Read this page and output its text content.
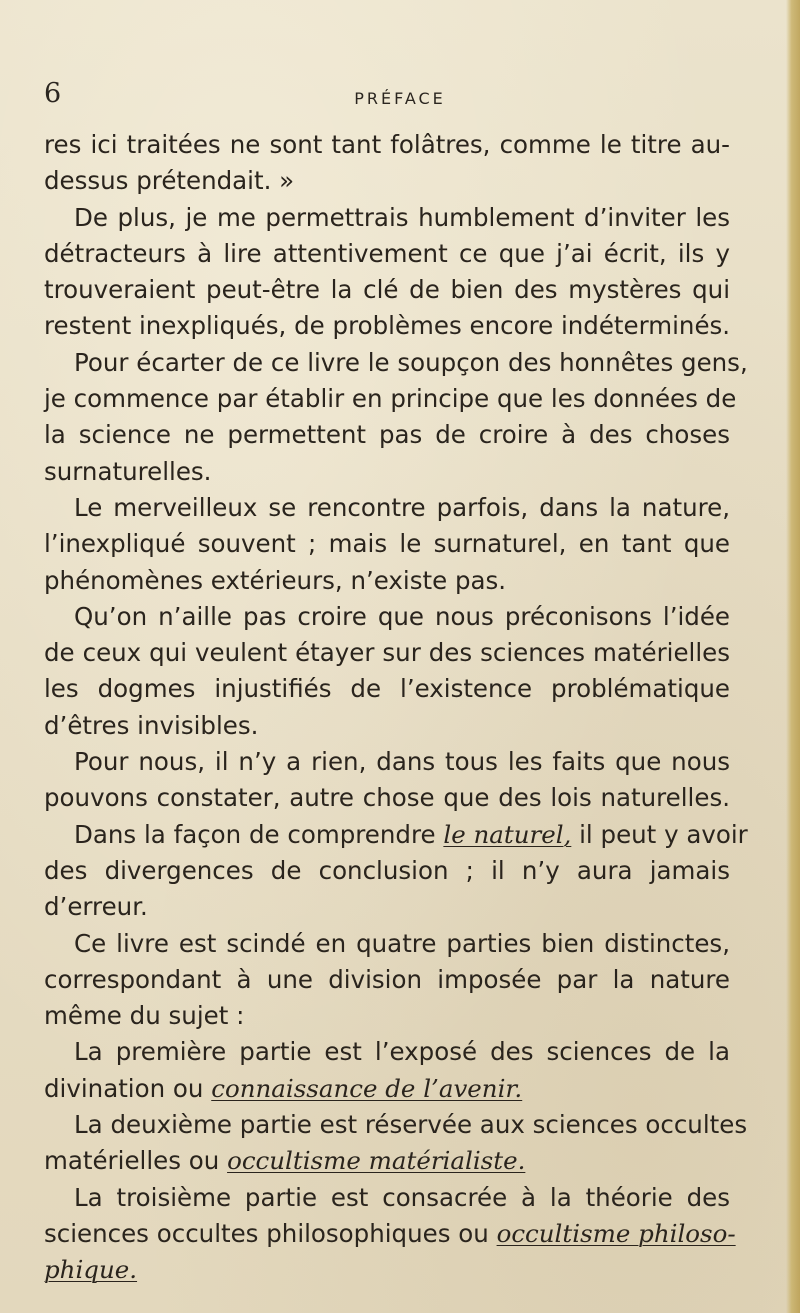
6	PRÉFACE
res ici traitées ne sont tant folâtres, comme le titre au-
dessus prétendait. »
De plus, je me permettrais humblement d’inviter les
détracteurs à lire attentivement ce que j’ai écrit, ils y
trouveraient peut-être la clé de bien des mystères qui
restent inexpliqués, de problèmes encore indéterminés.
Pour écarter de ce livre le soupçon des honnêtes gens,
je commence par établir en principe que les données de
la science ne permettent pas de croire à des choses
surnaturelles.
Le merveilleux se rencontre parfois, dans la nature,
l’inexpliqué souvent ; mais le surnaturel, en tant que
phénomènes extérieurs, n’existe pas.
Qu’on n’aille pas croire que nous préconisons l’idée
de ceux qui veulent étayer sur des sciences matérielles
les dogmes injustifiés de l’existence problématique
d’êtres invisibles.
Pour nous, il n’y a rien, dans tous les faits que nous
pouvons constater, autre chose que des lois naturelles.
Dans la façon de comprendre le naturel, il peut y avoir
des divergences de conclusion ; il n’y aura jamais
d’erreur.
Ce livre est scindé en quatre parties bien distinctes,
correspondant à une division imposée par la nature
même du sujet :
La première partie est l’exposé des sciences de la
divination ou connaissance de l’avenir.
La deuxième partie est réservée aux sciences occultes
matérielles ou occultisme matérialiste.
La troisième partie est consacrée à la théorie des
sciences occultes philosophiques ou occultisme philoso-
phique.
